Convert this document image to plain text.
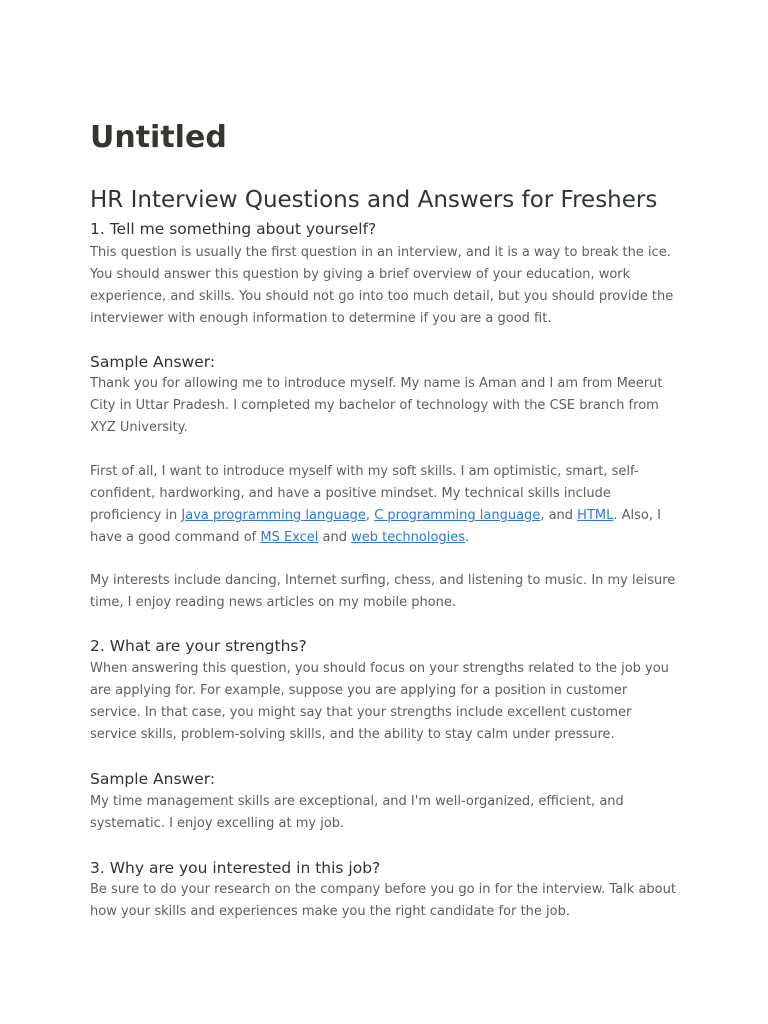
Untitled
HR Interview Questions and Answers for Freshers
1. Tell me something about yourself?

This question is usually the first question in an interview, and it is a way to break the ice. You should answer this question by giving a brief overview of your education, work experience, and skills. You should not go into too much detail, but you should provide the interviewer with enough information to determine if you are a good fit.

Sample Answer:

Thank you for allowing me to introduce myself. My name is Aman and I am from Meerut City in Uttar Pradesh. I completed my bachelor of technology with the CSE branch from XYZ University.

First of all, I want to introduce myself with my soft skills. I am optimistic, smart, self-confident, hardworking, and have a positive mindset. My technical skills include proficiency in Java programming language, C programming language, and HTML. Also, I have a good command of MS Excel and web technologies.

My interests include dancing, Internet surfing, chess, and listening to music. In my leisure time, I enjoy reading news articles on my mobile phone.

2. What are your strengths?

When answering this question, you should focus on your strengths related to the job you are applying for. For example, suppose you are applying for a position in customer service. In that case, you might say that your strengths include excellent customer service skills, problem-solving skills, and the ability to stay calm under pressure.

Sample Answer:

My time management skills are exceptional, and I'm well-organized, efficient, and systematic. I enjoy excelling at my job.

3. Why are you interested in this job?

Be sure to do your research on the company before you go in for the interview. Talk about how your skills and experiences make you the right candidate for the job.
